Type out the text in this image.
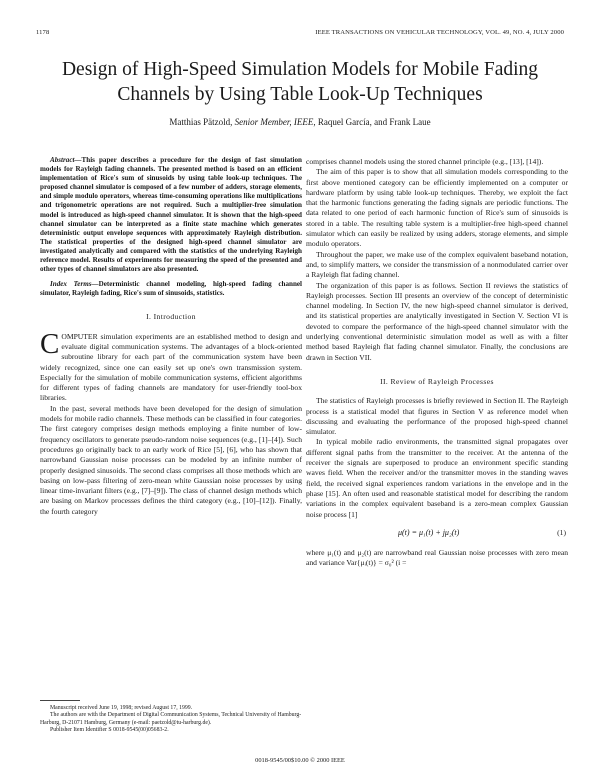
1178	IEEE TRANSACTIONS ON VEHICULAR TECHNOLOGY, VOL. 49, NO. 4, JULY 2000
Design of High-Speed Simulation Models for Mobile Fading Channels by Using Table Look-Up Techniques
Matthias Pätzold, Senior Member, IEEE, Raquel García, and Frank Laue

Abstract—This paper describes a procedure for the design of fast simulation models for Rayleigh fading channels. The presented method is based on an efficient implementation of Rice's sum of sinusoids by using table look-up techniques. The proposed channel simulator is composed of a few number of adders, storage elements, and simple modulo operators, whereas time-consuming operations like multiplications and trigonometric operations are not required. Such a multiplier-free simulation model is introduced as high-speed channel simulator. It is shown that the high-speed channel simulator can be interpreted as a finite state machine which generates deterministic output envelope sequences with approximately Rayleigh distribution. The statistical properties of the designed high-speed channel simulator are investigated analytically and compared with the statistics of the underlying Rayleigh reference model. Results of experiments for measuring the speed of the presented and other types of channel simulators are also presented.

Index Terms—Deterministic channel modeling, high-speed fading channel simulator, Rayleigh fading, Rice's sum of sinusoids, statistics.

I. Introduction

COMPUTER simulation experiments are an established method to design and evaluate digital communication systems. The advantages of a block-oriented subroutine library for each part of the communication system have been widely recognized, since one can easily set up one's own transmission system. Especially for the simulation of mobile communication systems, efficient algorithms for different types of fading channels are mandatory for user-friendly tool-box libraries.

In the past, several methods have been developed for the design of simulation models for mobile radio channels. These methods can be classified in four categories. The first category comprises design methods employing a finite number of low-frequency oscillators to generate pseudo-random noise sequences (e.g., [1]–[4]). Such procedures go originally back to an early work of Rice [5], [6], who has shown that narrowband Gaussian noise processes can be modeled by an infinite number of properly designed sinusoids. The second class comprises all those methods which are basing on low-pass filtering of zero-mean white Gaussian noise processes by using linear time-invariant filters (e.g., [7]–[9]). The class of channel design methods which are basing on Markov processes defines the third category (e.g., [10]–[12]). Finally, the fourth category

Manuscript received June 19, 1998; revised August 17, 1999.

The authors are with the Department of Digital Communication Systems, Technical University of Hamburg-Harburg, D-21071 Hamburg, Germany (e-mail: paetzold@tu-harburg.de).

Publisher Item Identifier S 0018-9545(00)05683-2.

comprises channel models using the stored channel principle (e.g., [13], [14]).

The aim of this paper is to show that all simulation models corresponding to the first above mentioned category can be efficiently implemented on a computer or hardware platform by using table look-up techniques. Thereby, we exploit the fact that the harmonic functions generating the fading signals are periodic functions. The data related to one period of each harmonic function of Rice's sum of sinusoids is stored in a table. The resulting table system is a multiplier-free high-speed channel simulator which can easily be realized by using adders, storage elements, and simple modulo operators.

Throughout the paper, we make use of the complex equivalent baseband notation, and, to simplify matters, we consider the transmission of a nonmodulated carrier over a Rayleigh flat fading channel.

The organization of this paper is as follows. Section II reviews the statistics of Rayleigh processes. Section III presents an overview of the concept of deterministic channel modeling. In Section IV, the new high-speed channel simulator is derived, and its statistical properties are analytically investigated in Section V. Section VI is devoted to compare the performance of the high-speed channel simulator with the underlying conventional deterministic simulation model as well as with a filter method based Rayleigh flat fading channel simulator. Finally, the conclusions are drawn in Section VII.

II. Review of Rayleigh Processes

The statistics of Rayleigh processes is briefly reviewed in Section II. The Rayleigh process is a statistical model that figures in Section V as reference model when discussing and evaluating the performance of the proposed high-speed channel simulator.

In typical mobile radio environments, the transmitted signal propagates over different signal paths from the transmitter to the receiver. At the antenna of the receiver the signals are superposed to produce an environment specific standing waves field. When the receiver and/or the transmitter moves in the standing waves field, the received signal experiences random variations in the envelope and in the phase [15]. An often used and reasonable statistical model for describing the random variations in the complex equivalent baseband is a zero-mean complex Gaussian noise process [1]

μ(t) = μ₁(t) + jμ₂(t)	(1)

where μ₁(t) and μ₂(t) are narrowband real Gaussian noise processes with zero mean and variance Var{μᵢ(t)} = σ₀² (i =

0018-9545/00$10.00 © 2000 IEEE
